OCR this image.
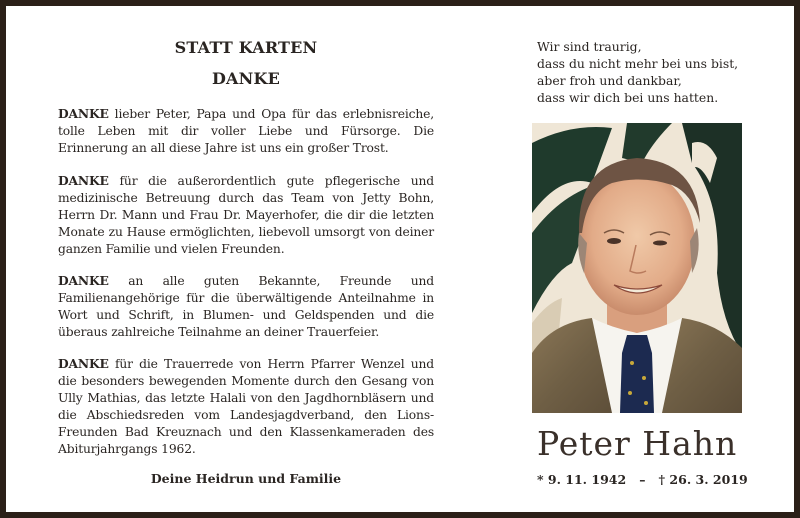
STATT KARTEN
DANKE

DANKE lieber Peter, Papa und Opa für das erlebnisreiche, tolle Leben mit dir voller Liebe und Fürsorge. Die Erinnerung an all diese Jahre ist uns ein großer Trost.

DANKE für die außerordentlich gute pflegerische und medizinische Betreuung durch das Team von Jetty Bohn, Herrn Dr. Mann und Frau Dr. Mayerhofer, die dir die letzten Monate zu Hause ermöglichten, liebevoll umsorgt von deiner ganzen Familie und vielen Freunden.

DANKE an alle guten Bekannte, Freunde und Familienangehörige für die überwältigende Anteilnahme in Wort und Schrift, in Blumen- und Geldspenden und die überaus zahlreiche Teilnahme an deiner Trauerfeier.

DANKE für die Trauerrede von Herrn Pfarrer Wenzel und die besonders bewegenden Momente durch den Gesang von Ully Mathias, das letzte Halali von den Jagdhornbläsern und die Abschiedsreden vom Landesjagdverband, den Lions-Freunden Bad Kreuznach und den Klassenkameraden des Abiturjahrgangs 1962.

Deine Heidrun und Familie
Wir sind traurig,
dass du nicht mehr bei uns bist,
aber froh und dankbar,
dass wir dich bei uns hatten.
Peter Hahn
* 9. 11. 1942   –   † 26. 3. 2019
